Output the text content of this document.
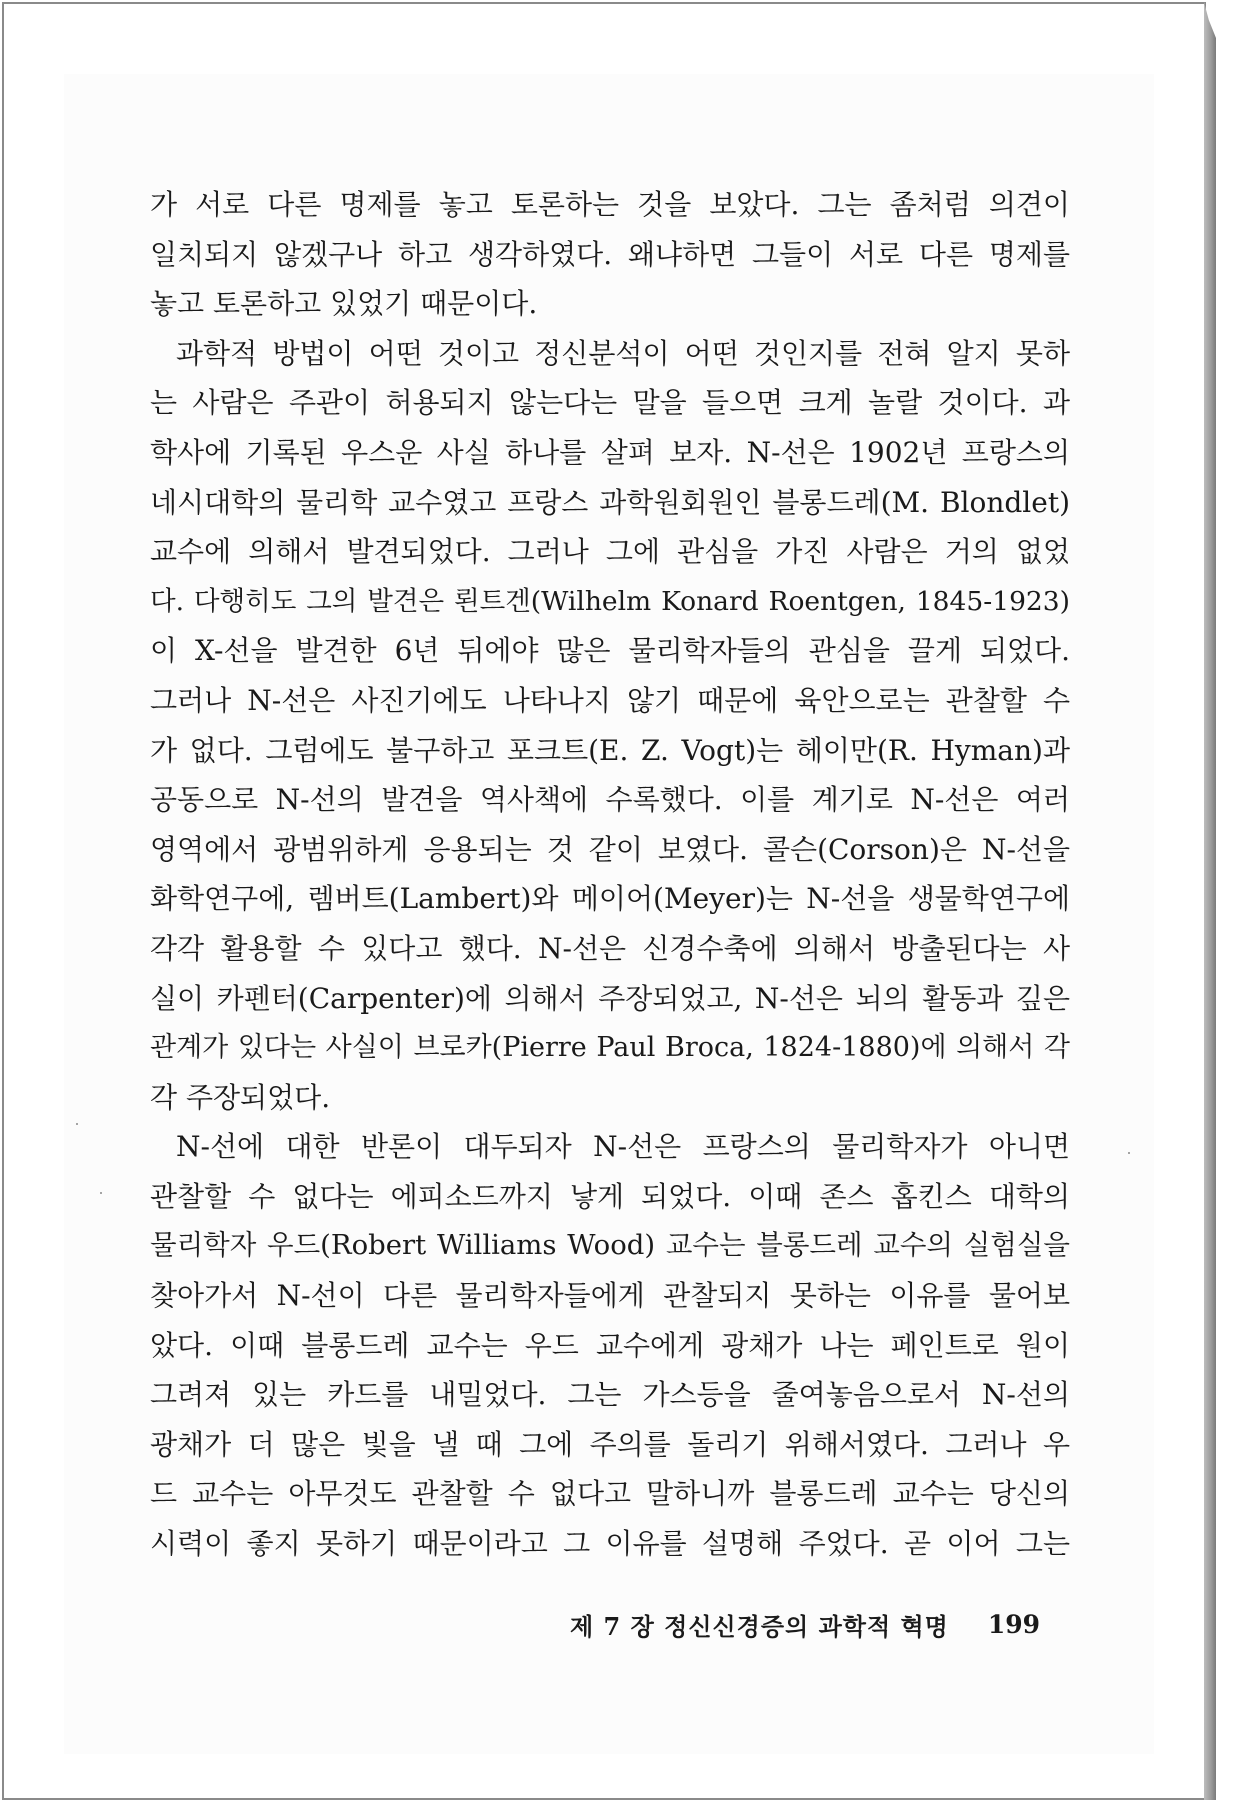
가 서로 다른 명제를 놓고 토론하는 것을 보았다. 그는 좀처럼 의견이
일치되지 않겠구나 하고 생각하였다. 왜냐하면 그들이 서로 다른 명제를
놓고 토론하고 있었기 때문이다.
과학적 방법이 어떤 것이고 정신분석이 어떤 것인지를 전혀 알지 못하
는 사람은 주관이 허용되지 않는다는 말을 들으면 크게 놀랄 것이다. 과
학사에 기록된 우스운 사실 하나를 살펴 보자. N-선은 1902년 프랑스의
네시대학의 물리학 교수였고 프랑스 과학원회원인 블롱드레(M. Blondlet)
교수에 의해서 발견되었다. 그러나 그에 관심을 가진 사람은 거의 없었
다. 다행히도 그의 발견은 뢴트겐(Wilhelm Konard Roentgen, 1845-1923)
이 X-선을 발견한 6년 뒤에야 많은 물리학자들의 관심을 끌게 되었다.
그러나 N-선은 사진기에도 나타나지 않기 때문에 육안으로는 관찰할 수
가 없다. 그럼에도 불구하고 포크트(E. Z. Vogt)는 헤이만(R. Hyman)과
공동으로 N-선의 발견을 역사책에 수록했다. 이를 계기로 N-선은 여러
영역에서 광범위하게 응용되는 것 같이 보였다. 콜슨(Corson)은 N-선을
화학연구에, 렘버트(Lambert)와 메이어(Meyer)는 N-선을 생물학연구에
각각 활용할 수 있다고 했다. N-선은 신경수축에 의해서 방출된다는 사
실이 카펜터(Carpenter)에 의해서 주장되었고, N-선은 뇌의 활동과 깊은
관계가 있다는 사실이 브로카(Pierre Paul Broca, 1824-1880)에 의해서 각
각 주장되었다.
N-선에 대한 반론이 대두되자 N-선은 프랑스의 물리학자가 아니면
관찰할 수 없다는 에피소드까지 낳게 되었다. 이때 존스 홉킨스 대학의
물리학자 우드(Robert Williams Wood) 교수는 블롱드레 교수의 실험실을
찾아가서 N-선이 다른 물리학자들에게 관찰되지 못하는 이유를 물어보
았다. 이때 블롱드레 교수는 우드 교수에게 광채가 나는 페인트로 원이
그려져 있는 카드를 내밀었다. 그는 가스등을 줄여놓음으로서 N-선의
광채가 더 많은 빛을 낼 때 그에 주의를 돌리기 위해서였다. 그러나 우
드 교수는 아무것도 관찰할 수 없다고 말하니까 블롱드레 교수는 당신의
시력이 좋지 못하기 때문이라고 그 이유를 설명해 주었다. 곧 이어 그는
제 7 장 정신신경증의 과학적 혁명 199
